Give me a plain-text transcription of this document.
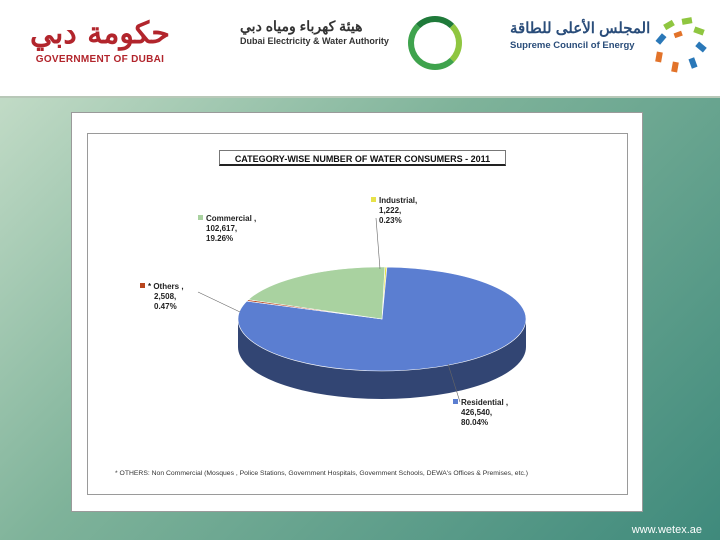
حكومة دبي
GOVERNMENT OF DUBAI
هيئة كهرباء ومياه دبي
Dubai Electricity & Water Authority
المجلس الأعلى للطاقة
Supreme Council of Energy
CATEGORY-WISE NUMBER OF WATER CONSUMERS - 2011
Industrial,
1,222,
0.23%
Commercial ,
102,617,
19.26%
* Others ,
2,508,
0.47%
Residential ,
426,540,
80.04%
* OTHERS: Non Commercial (Mosques , Police Stations, Government Hospitals, Government Schools, DEWA's Offices & Premises, etc.)
www.wetex.ae
